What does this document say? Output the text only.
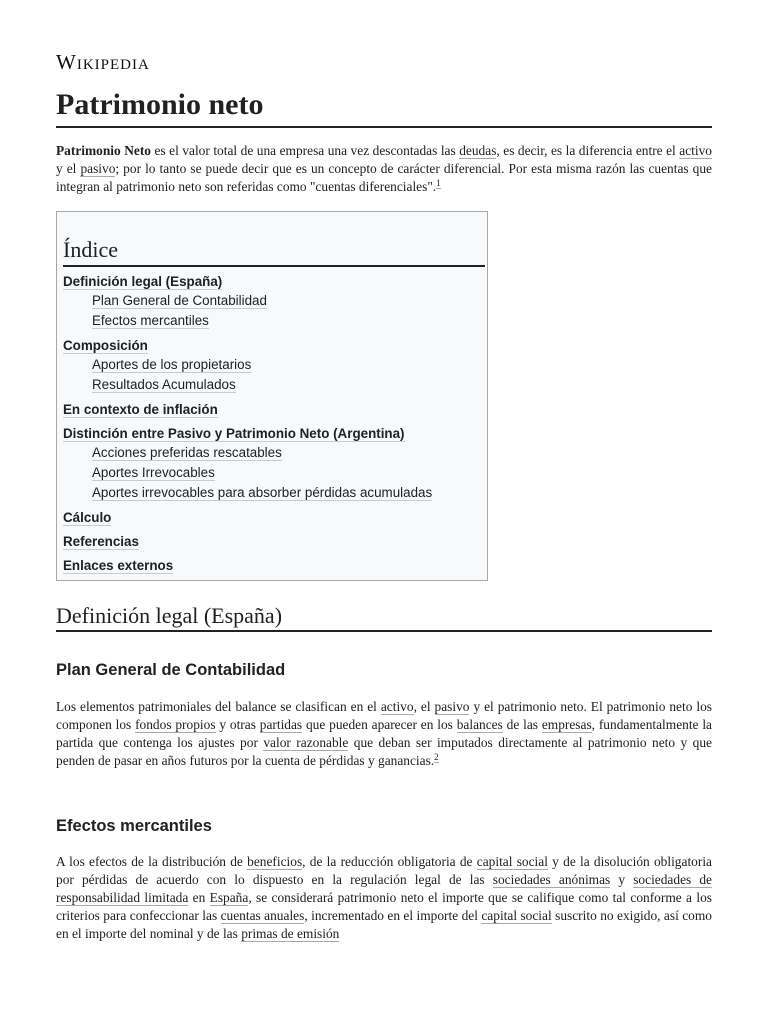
Wikipedia
Patrimonio neto

Patrimonio Neto es el valor total de una empresa una vez descontadas las deudas, es decir, es la diferencia entre el activo y el pasivo; por lo tanto se puede decir que es un concepto de carácter diferencial. Por esta misma razón las cuentas que integran al patrimonio neto son referidas como "cuentas diferenciales".$^1$

Índice
Definición legal (España)
Plan General de Contabilidad
Efectos mercantiles
Composición
Aportes de los propietarios
Resultados Acumulados
En contexto de inflación
Distinción entre Pasivo y Patrimonio Neto (Argentina)
Acciones preferidas rescatables
Aportes Irrevocables
Aportes irrevocables para absorber pérdidas acumuladas
Cálculo
Referencias
Enlaces externos
Definición legal (España)
Plan General de Contabilidad

Los elementos patrimoniales del balance se clasifican en el activo, el pasivo y el patrimonio neto. El patrimonio neto los componen los fondos propios y otras partidas que pueden aparecer en los balances de las empresas, fundamentalmente la partida que contenga los ajustes por valor razonable que deban ser imputados directamente al patrimonio neto y que penden de pasar en años futuros por la cuenta de pérdidas y ganancias.$^2$

Efectos mercantiles

A los efectos de la distribución de beneficios, de la reducción obligatoria de capital social y de la disolución obligatoria por pérdidas de acuerdo con lo dispuesto en la regulación legal de las sociedades anónimas y sociedades de responsabilidad limitada en España, se considerará patrimonio neto el importe que se califique como tal conforme a los criterios para confeccionar las cuentas anuales, incrementado en el importe del capital social suscrito no exigido, así como en el importe del nominal y de las primas de emisión
